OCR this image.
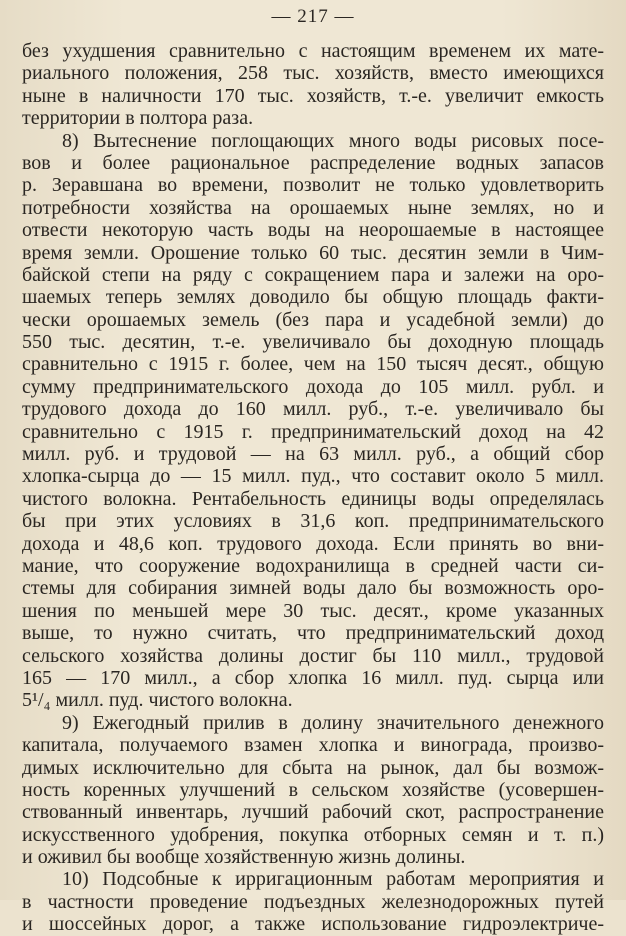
— 217 —
без ухудшения сравнительно с настоящим временем их мате-
риального положения, 258 тыс. хозяйств, вместо имеющихся
ныне в наличности 170 тыс. хозяйств, т.-е. увеличит емкость
территории в полтора раза.
8) Вытеснение поглощающих много воды рисовых посе-
вов и более рациональное распределение водных запасов
р. Зеравшана во времени, позволит не только удовлетворить
потребности хозяйства на орошаемых ныне землях, но и
отвести некоторую часть воды на неорошаемые в настоящее
время земли. Орошение только 60 тыс. десятин земли в Чим-
байской степи на ряду с сокращением пара и залежи на оро-
шаемых теперь землях доводило бы общую площадь факти-
чески орошаемых земель (без пара и усадебной земли) до
550 тыс. десятин, т.-е. увеличивало бы доходную площадь
сравнительно с 1915 г. более, чем на 150 тысяч десят., общую
сумму предпринимательского дохода до 105 милл. рубл. и
трудового дохода до 160 милл. руб., т.-е. увеличивало бы
сравнительно с 1915 г. предпринимательский доход на 42
милл. руб. и трудовой — на 63 милл. руб., а общий сбор
хлопка-сырца до — 15 милл. пуд., что составит около 5 милл.
чистого волокна. Рентабельность единицы воды определялась
бы при этих условиях в 31,6 коп. предпринимательского
дохода и 48,6 коп. трудового дохода. Если принять во вни-
мание, что сооружение водохранилища в средней части си-
стемы для собирания зимней воды дало бы возможность оро-
шения по меньшей мере 30 тыс. десят., кроме указанных
выше, то нужно считать, что предпринимательский доход
сельского хозяйства долины достиг бы 110 милл., трудовой
165 — 170 милл., а сбор хлопка 16 милл. пуд. сырца или
5¹/₄ милл. пуд. чистого волокна.
9) Ежегодный прилив в долину значительного денежного
капитала, получаемого взамен хлопка и винограда, произво-
димых исключительно для сбыта на рынок, дал бы возмож-
ность коренных улучшений в сельском хозяйстве (усовершен-
ствованный инвентарь, лучший рабочий скот, распространение
искусственного удобрения, покупка отборных семян и т. п.)
и оживил бы вообще хозяйственную жизнь долины.
10) Подсобные к ирригационным работам мероприятия и
в частности проведение подъездных железнодорожных путей
и шоссейных дорог, а также использование гидроэлектриче-
